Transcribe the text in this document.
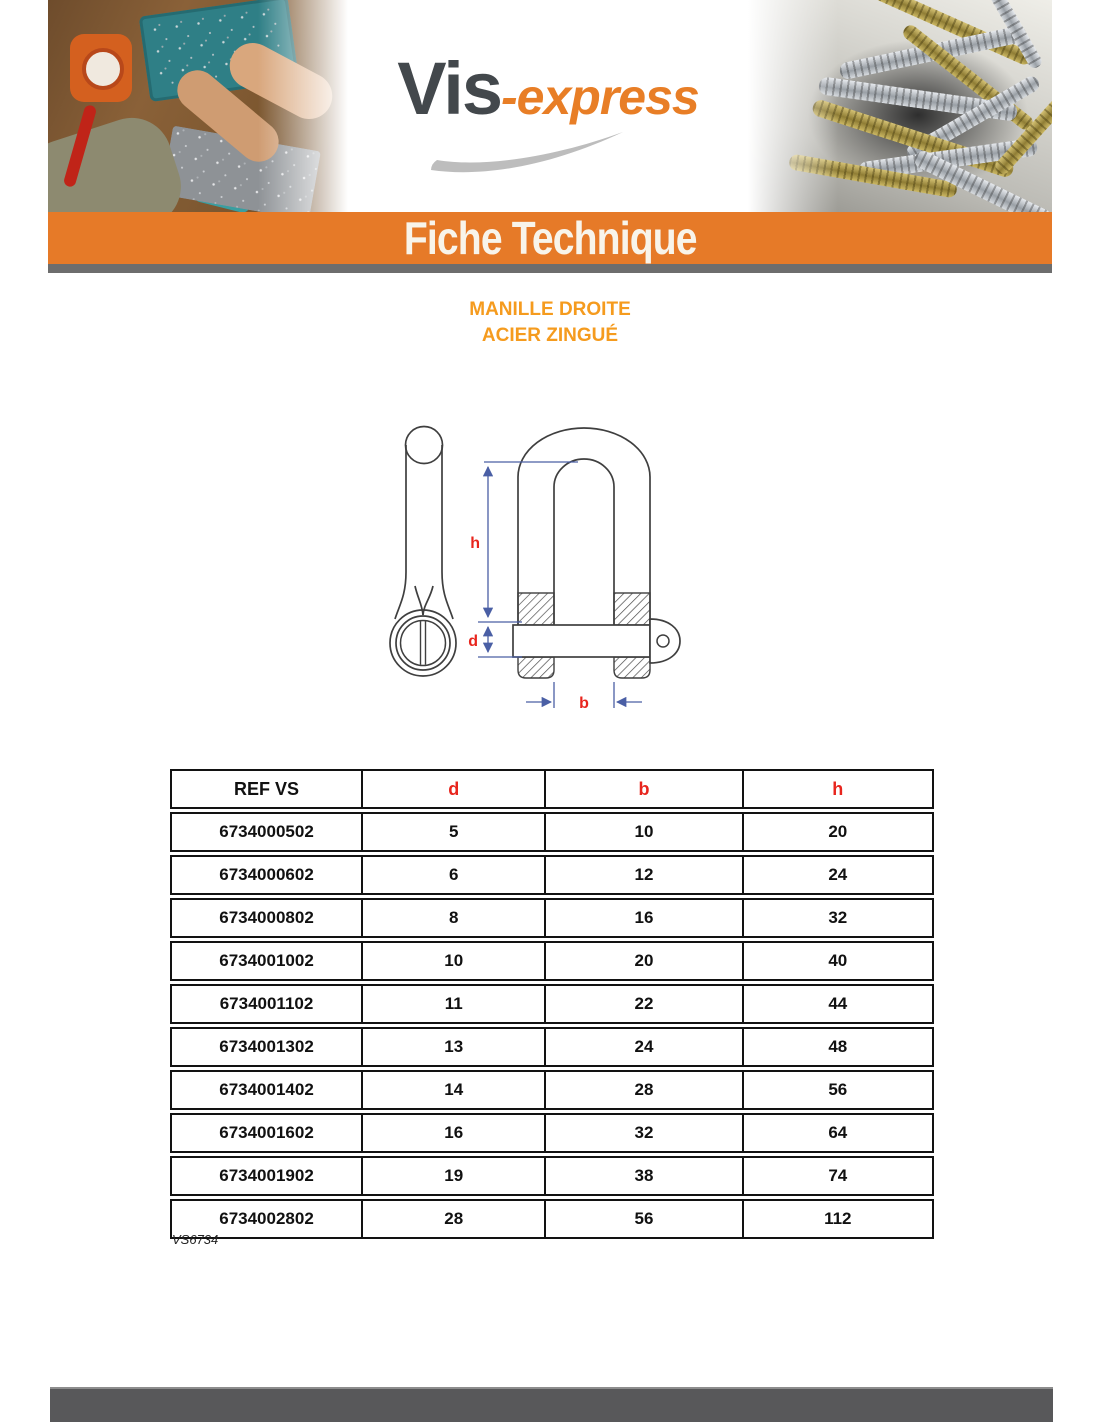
Vis-express
Fiche Technique
MANILLE DROITE
ACIER ZINGUÉ
h
d
b
REF VS	d	b	h
6734000502	5	10	20
6734000602	6	12	24
6734000802	8	16	32
6734001002	10	20	40
6734001102	11	22	44
6734001302	13	24	48
6734001402	14	28	56
6734001602	16	32	64
6734001902	19	38	74
6734002802	28	56	112
VS6734
